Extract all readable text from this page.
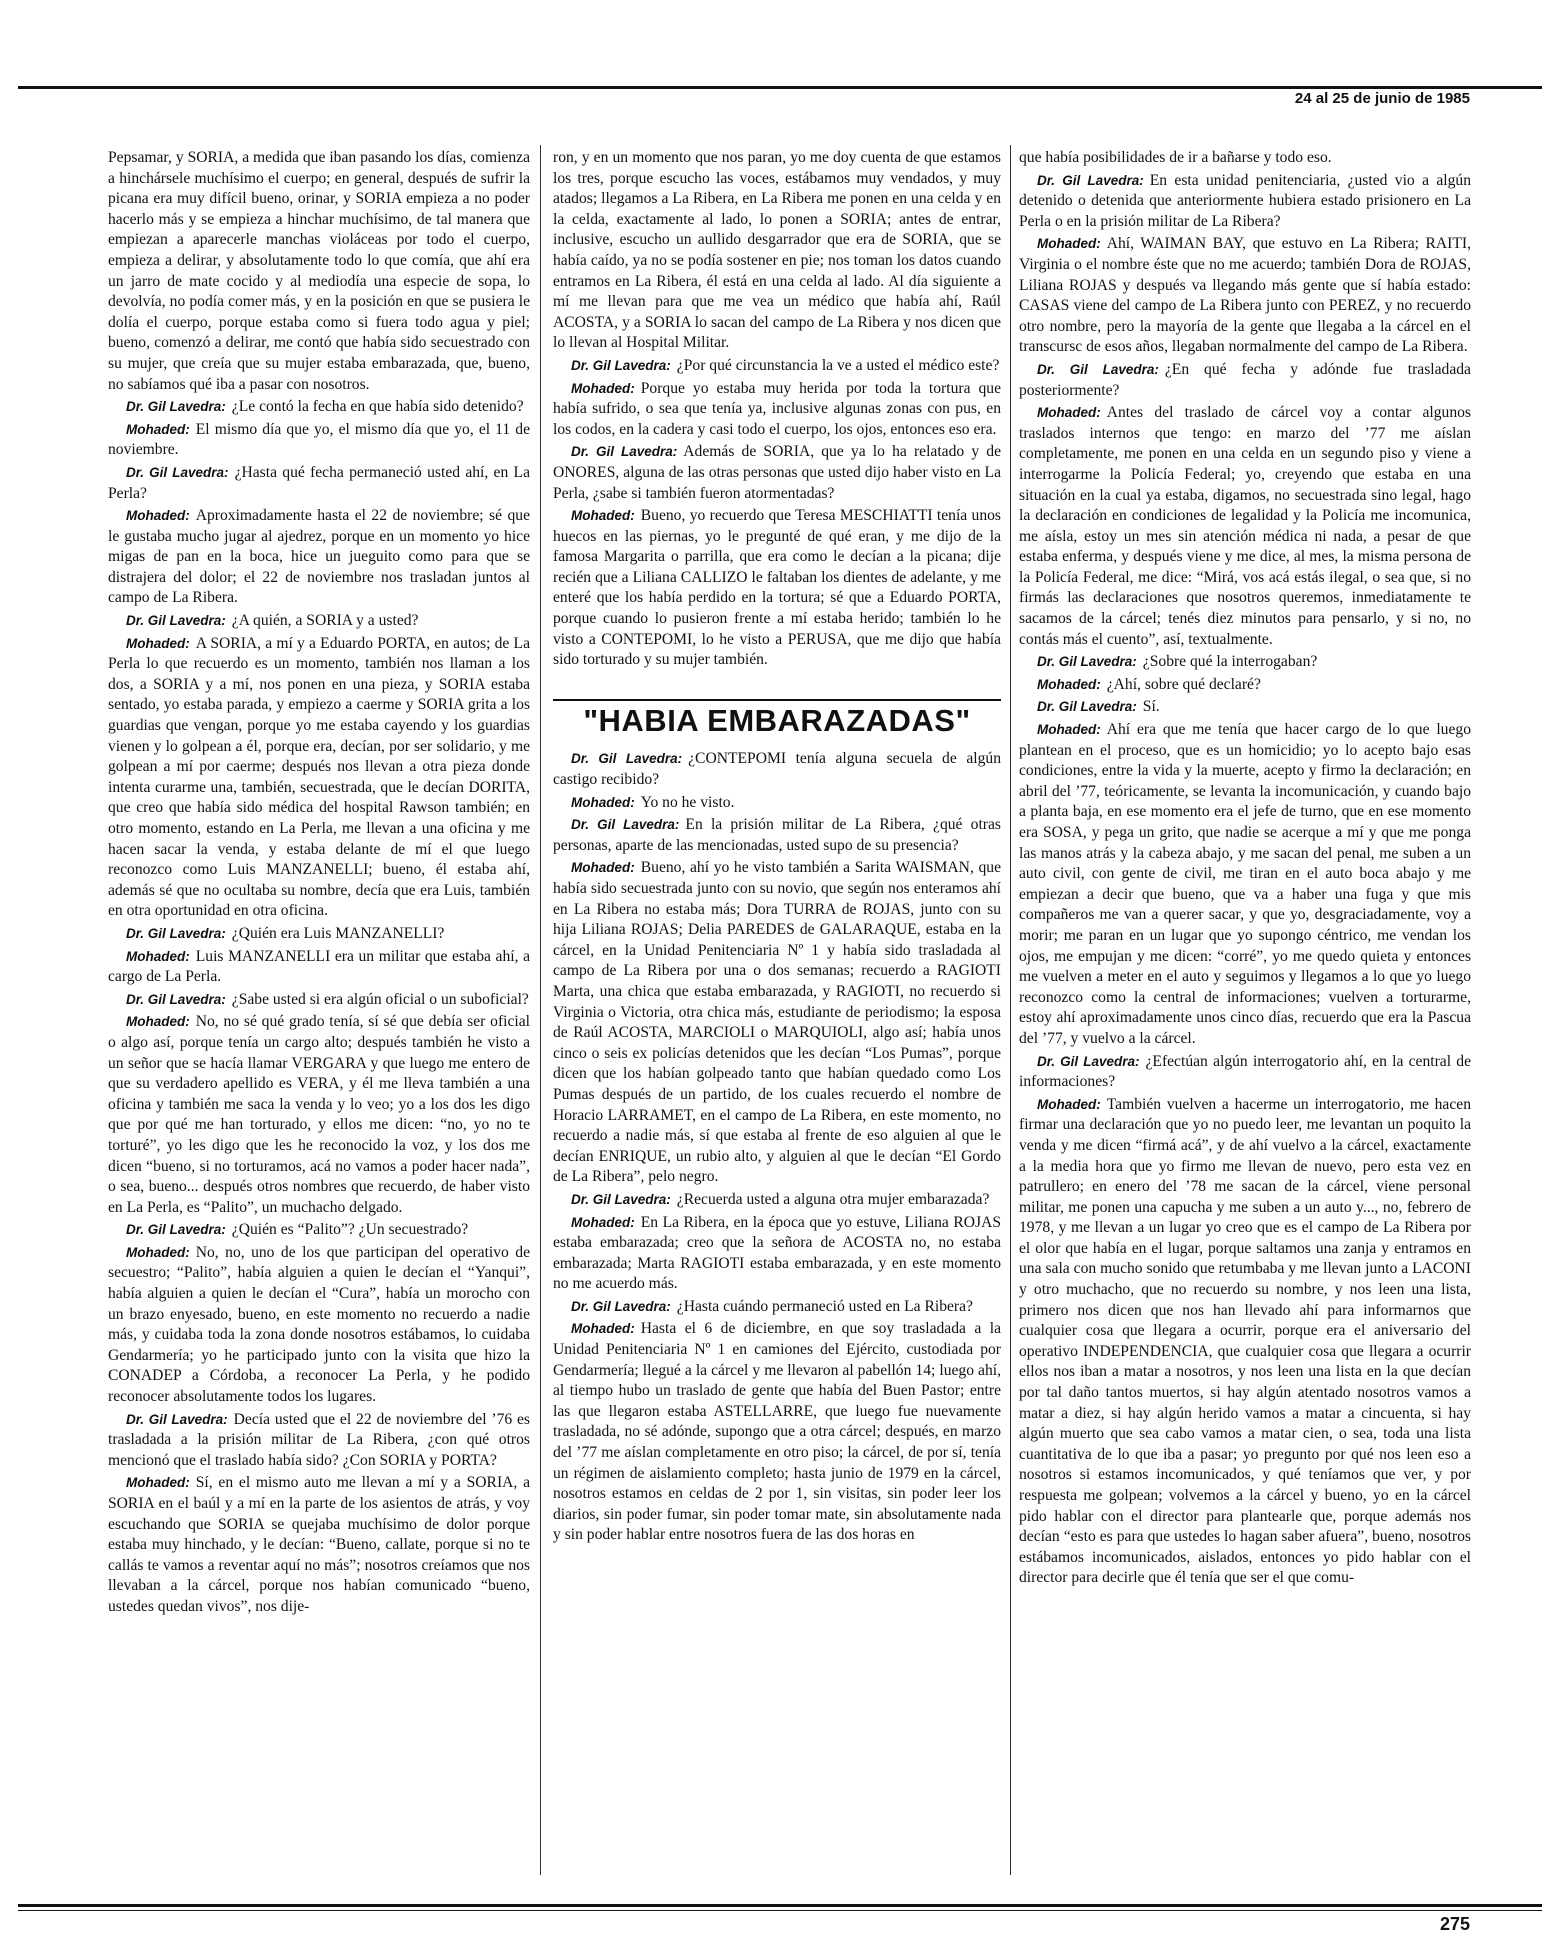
24 al 25 de junio de 1985

Pepsamar, y SORIA, a medida que iban pasando los días, comienza a hinchársele muchísimo el cuerpo; en general, después de sufrir la picana era muy difícil bueno, orinar, y SORIA empieza a no poder hacerlo más y se empieza a hinchar muchísimo, de tal manera que empiezan a aparecerle manchas violáceas por todo el cuerpo, empieza a delirar, y absolutamente todo lo que comía, que ahí era un jarro de mate cocido y al mediodía una especie de sopa, lo devolvía, no podía comer más, y en la posición en que se pusiera le dolía el cuerpo, porque estaba como si fuera todo agua y piel; bueno, comenzó a delirar, me contó que había sido secuestrado con su mujer, que creía que su mujer estaba embarazada, que, bueno, no sabíamos qué iba a pasar con nosotros.

Dr. Gil Lavedra: ¿Le contó la fecha en que había sido detenido?

Mohaded: El mismo día que yo, el mismo día que yo, el 11 de noviembre.

Dr. Gil Lavedra: ¿Hasta qué fecha permaneció usted ahí, en La Perla?

Mohaded: Aproximadamente hasta el 22 de noviembre; sé que le gustaba mucho jugar al ajedrez, porque en un momento yo hice migas de pan en la boca, hice un jueguito como para que se distrajera del dolor; el 22 de noviembre nos trasladan juntos al campo de La Ribera.

Dr. Gil Lavedra: ¿A quién, a SORIA y a usted?

Mohaded: A SORIA, a mí y a Eduardo PORTA, en autos; de La Perla lo que recuerdo es un momento, también nos llaman a los dos, a SORIA y a mí, nos ponen en una pieza, y SORIA estaba sentado, yo estaba parada, y empiezo a caerme y SORIA grita a los guardias que vengan, porque yo me estaba cayendo y los guardias vienen y lo golpean a él, porque era, decían, por ser solidario, y me golpean a mí por caerme; después nos llevan a otra pieza donde intenta curarme una, también, secuestrada, que le decían DORITA, que creo que había sido médica del hospital Rawson también; en otro momento, estando en La Perla, me llevan a una oficina y me hacen sacar la venda, y estaba delante de mí el que luego reconozco como Luis MANZANELLI; bueno, él estaba ahí, además sé que no ocultaba su nombre, decía que era Luis, también en otra oportunidad en otra oficina.

Dr. Gil Lavedra: ¿Quién era Luis MANZANELLI?

Mohaded: Luis MANZANELLI era un militar que estaba ahí, a cargo de La Perla.

Dr. Gil Lavedra: ¿Sabe usted si era algún oficial o un suboficial?

Mohaded: No, no sé qué grado tenía, sí sé que debía ser oficial o algo así, porque tenía un cargo alto; después también he visto a un señor que se hacía llamar VERGARA y que luego me entero de que su verdadero apellido es VERA, y él me lleva también a una oficina y también me saca la venda y lo veo; yo a los dos les digo que por qué me han torturado, y ellos me dicen: “no, yo no te torturé”, yo les digo que les he reconocido la voz, y los dos me dicen “bueno, si no torturamos, acá no vamos a poder hacer nada”, o sea, bueno... después otros nombres que recuerdo, de haber visto en La Perla, es “Palito”, un muchacho delgado.

Dr. Gil Lavedra: ¿Quién es “Palito”? ¿Un secuestrado?

Mohaded: No, no, uno de los que participan del operativo de secuestro; “Palito”, había alguien a quien le decían el “Yanqui”, había alguien a quien le decían el “Cura”, había un morocho con un brazo enyesado, bueno, en este momento no recuerdo a nadie más, y cuidaba toda la zona donde nosotros estábamos, lo cuidaba Gendarmería; yo he participado junto con la visita que hizo la CONADEP a Córdoba, a reconocer La Perla, y he podido reconocer absolutamente todos los lugares.

Dr. Gil Lavedra: Decía usted que el 22 de noviembre del ’76 es trasladada a la prisión militar de La Ribera, ¿con qué otros mencionó que el traslado había sido? ¿Con SORIA y PORTA?

Mohaded: Sí, en el mismo auto me llevan a mí y a SORIA, a SORIA en el baúl y a mí en la parte de los asientos de atrás, y voy escuchando que SORIA se quejaba muchísimo de dolor porque estaba muy hinchado, y le decían: “Bueno, callate, porque si no te callás te vamos a reventar aquí no más”; nosotros creíamos que nos llevaban a la cárcel, porque nos habían comunicado “bueno, ustedes quedan vivos”, nos dije-

ron, y en un momento que nos paran, yo me doy cuenta de que estamos los tres, porque escucho las voces, estábamos muy vendados, y muy atados; llegamos a La Ribera, en La Ribera me ponen en una celda y en la celda, exactamente al lado, lo ponen a SORIA; antes de entrar, inclusive, escucho un aullido desgarrador que era de SORIA, que se había caído, ya no se podía sostener en pie; nos toman los datos cuando entramos en La Ribera, él está en una celda al lado. Al día siguiente a mí me llevan para que me vea un médico que había ahí, Raúl ACOSTA, y a SORIA lo sacan del campo de La Ribera y nos dicen que lo llevan al Hospital Militar.

Dr. Gil Lavedra: ¿Por qué circunstancia la ve a usted el médico este?

Mohaded: Porque yo estaba muy herida por toda la tortura que había sufrido, o sea que tenía ya, inclusive algunas zonas con pus, en los codos, en la cadera y casi todo el cuerpo, los ojos, entonces eso era.

Dr. Gil Lavedra: Además de SORIA, que ya lo ha relatado y de ONORES, alguna de las otras personas que usted dijo haber visto en La Perla, ¿sabe si también fueron atormentadas?

Mohaded: Bueno, yo recuerdo que Teresa MESCHIATTI tenía unos huecos en las piernas, yo le pregunté de qué eran, y me dijo de la famosa Margarita o parrilla, que era como le decían a la picana; dije recién que a Liliana CALLIZO le faltaban los dientes de adelante, y me enteré que los había perdido en la tortura; sé que a Eduardo PORTA, porque cuando lo pusieron frente a mí estaba herido; también lo he visto a CONTEPOMI, lo he visto a PERUSA, que me dijo que había sido torturado y su mujer también.

"HABIA EMBARAZADAS"

Dr. Gil Lavedra: ¿CONTEPOMI tenía alguna secuela de algún castigo recibido?

Mohaded: Yo no he visto.

Dr. Gil Lavedra: En la prisión militar de La Ribera, ¿qué otras personas, aparte de las mencionadas, usted supo de su presencia?

Mohaded: Bueno, ahí yo he visto también a Sarita WAISMAN, que había sido secuestrada junto con su novio, que según nos enteramos ahí en La Ribera no estaba más; Dora TURRA de ROJAS, junto con su hija Liliana ROJAS; Delia PAREDES de GALARAQUE, estaba en la cárcel, en la Unidad Penitenciaria Nº 1 y había sido trasladada al campo de La Ribera por una o dos semanas; recuerdo a RAGIOTI Marta, una chica que estaba embarazada, y RAGIOTI, no recuerdo si Virginia o Victoria, otra chica más, estudiante de periodismo; la esposa de Raúl ACOSTA, MARCIOLI o MARQUIOLI, algo así; había unos cinco o seis ex policías detenidos que les decían “Los Pumas”, porque dicen que los habían golpeado tanto que habían quedado como Los Pumas después de un partido, de los cuales recuerdo el nombre de Horacio LARRAMET, en el campo de La Ribera, en este momento, no recuerdo a nadie más, sí que estaba al frente de eso alguien al que le decían ENRIQUE, un rubio alto, y alguien al que le decían “El Gordo de La Ribera”, pelo negro.

Dr. Gil Lavedra: ¿Recuerda usted a alguna otra mujer embarazada?

Mohaded: En La Ribera, en la época que yo estuve, Liliana ROJAS estaba embarazada; creo que la señora de ACOSTA no, no estaba embarazada; Marta RAGIOTI estaba embarazada, y en este momento no me acuerdo más.

Dr. Gil Lavedra: ¿Hasta cuándo permaneció usted en La Ribera?

Mohaded: Hasta el 6 de diciembre, en que soy trasladada a la Unidad Penitenciaria Nº 1 en camiones del Ejército, custodiada por Gendarmería; llegué a la cárcel y me llevaron al pabellón 14; luego ahí, al tiempo hubo un traslado de gente que había del Buen Pastor; entre las que llegaron estaba ASTELLARRE, que luego fue nuevamente trasladada, no sé adónde, supongo que a otra cárcel; después, en marzo del ’77 me aíslan completamente en otro piso; la cárcel, de por sí, tenía un régimen de aislamiento completo; hasta junio de 1979 en la cárcel, nosotros estamos en celdas de 2 por 1, sin visitas, sin poder leer los diarios, sin poder fumar, sin poder tomar mate, sin absolutamente nada y sin poder hablar entre nosotros fuera de las dos horas en

que había posibilidades de ir a bañarse y todo eso.

Dr. Gil Lavedra: En esta unidad penitenciaria, ¿usted vio a algún detenido o detenida que anteriormente hubiera estado prisionero en La Perla o en la prisión militar de La Ribera?

Mohaded: Ahí, WAIMAN BAY, que estuvo en La Ribera; RAITI, Virginia o el nombre éste que no me acuerdo; también Dora de ROJAS, Liliana ROJAS y después va llegando más gente que sí había estado: CASAS viene del campo de La Ribera junto con PEREZ, y no recuerdo otro nombre, pero la mayoría de la gente que llegaba a la cárcel en el transcursc de esos años, llegaban normalmente del campo de La Ribera.

Dr. Gil Lavedra: ¿En qué fecha y adónde fue trasladada posteriormente?

Mohaded: Antes del traslado de cárcel voy a contar algunos traslados internos que tengo: en marzo del ’77 me aíslan completamente, me ponen en una celda en un segundo piso y viene a interrogarme la Policía Federal; yo, creyendo que estaba en una situación en la cual ya estaba, digamos, no secuestrada sino legal, hago la declaración en condiciones de legalidad y la Policía me incomunica, me aísla, estoy un mes sin atención médica ni nada, a pesar de que estaba enferma, y después viene y me dice, al mes, la misma persona de la Policía Federal, me dice: “Mirá, vos acá estás ilegal, o sea que, si no firmás las declaraciones que nosotros queremos, inmediatamente te sacamos de la cárcel; tenés diez minutos para pensarlo, y si no, no contás más el cuento”, así, textualmente.

Dr. Gil Lavedra: ¿Sobre qué la interrogaban?

Mohaded: ¿Ahí, sobre qué declaré?

Dr. Gil Lavedra: Sí.

Mohaded: Ahí era que me tenía que hacer cargo de lo que luego plantean en el proceso, que es un homicidio; yo lo acepto bajo esas condiciones, entre la vida y la muerte, acepto y firmo la declaración; en abril del ’77, teóricamente, se levanta la incomunicación, y cuando bajo a planta baja, en ese momento era el jefe de turno, que en ese momento era SOSA, y pega un grito, que nadie se acerque a mí y que me ponga las manos atrás y la cabeza abajo, y me sacan del penal, me suben a un auto civil, con gente de civil, me tiran en el auto boca abajo y me empiezan a decir que bueno, que va a haber una fuga y que mis compañeros me van a querer sacar, y que yo, desgraciadamente, voy a morir; me paran en un lugar que yo supongo céntrico, me vendan los ojos, me empujan y me dicen: “corré”, yo me quedo quieta y entonces me vuelven a meter en el auto y seguimos y llegamos a lo que yo luego reconozco como la central de informaciones; vuelven a torturarme, estoy ahí aproximadamente unos cinco días, recuerdo que era la Pascua del ’77, y vuelvo a la cárcel.

Dr. Gil Lavedra: ¿Efectúan algún interrogatorio ahí, en la central de informaciones?

Mohaded: También vuelven a hacerme un interrogatorio, me hacen firmar una declaración que yo no puedo leer, me levantan un poquito la venda y me dicen “firmá acá”, y de ahí vuelvo a la cárcel, exactamente a la media hora que yo firmo me llevan de nuevo, pero esta vez en patrullero; en enero del ’78 me sacan de la cárcel, viene personal militar, me ponen una capucha y me suben a un auto y..., no, febrero de 1978, y me llevan a un lugar yo creo que es el campo de La Ribera por el olor que había en el lugar, porque saltamos una zanja y entramos en una sala con mucho sonido que retumbaba y me llevan junto a LACONI y otro muchacho, que no recuerdo su nombre, y nos leen una lista, primero nos dicen que nos han llevado ahí para informarnos que cualquier cosa que llegara a ocurrir, porque era el aniversario del operativo INDEPENDENCIA, que cualquier cosa que llegara a ocurrir ellos nos iban a matar a nosotros, y nos leen una lista en la que decían por tal daño tantos muertos, si hay algún atentado nosotros vamos a matar a diez, si hay algún herido vamos a matar a cincuenta, si hay algún muerto que sea cabo vamos a matar cien, o sea, toda una lista cuantitativa de lo que iba a pasar; yo pregunto por qué nos leen eso a nosotros si estamos incomunicados, y qué teníamos que ver, y por respuesta me golpean; volvemos a la cárcel y bueno, yo en la cárcel pido hablar con el director para plantearle que, porque además nos decían “esto es para que ustedes lo hagan saber afuera”, bueno, nosotros estábamos incomunicados, aislados, entonces yo pido hablar con el director para decirle que él tenía que ser el que comu-

275
